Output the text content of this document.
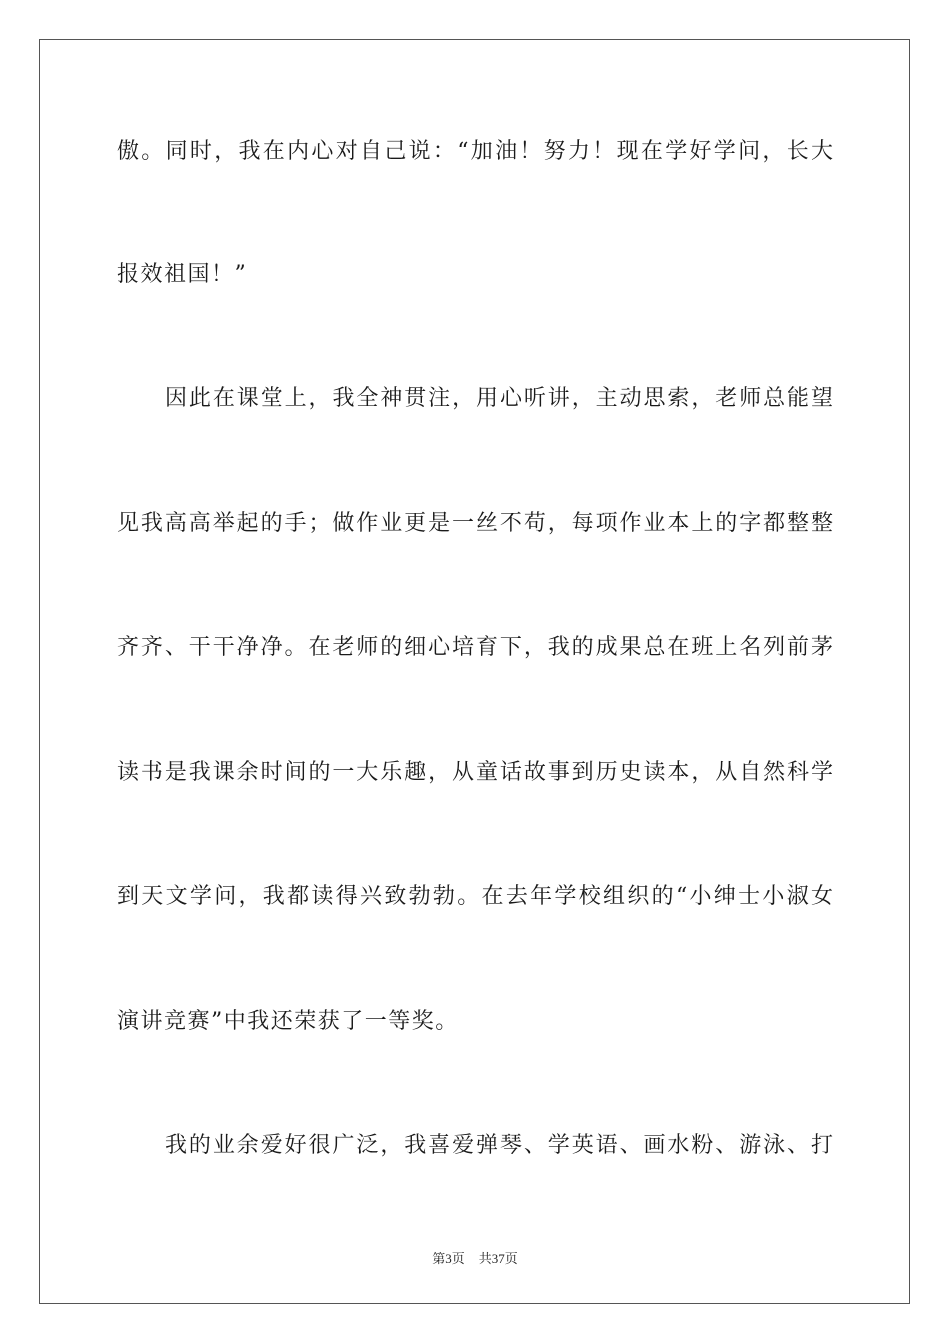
傲。同时，我在内心对自己说：“加油！努力！现在学好学问，长大
报效祖国！”
因此在课堂上，我全神贯注，用心听讲，主动思索，老师总能望
见我高高举起的手；做作业更是一丝不苟，每项作业本上的字都整整
齐齐、干干净净。在老师的细心培育下，我的成果总在班上名列前茅
读书是我课余时间的一大乐趣，从童话故事到历史读本，从自然科学
到天文学问，我都读得兴致勃勃。在去年学校组织的“小绅士小淑女
演讲竞赛”中我还荣获了一等奖。
我的业余爱好很广泛，我喜爱弹琴、学英语、画水粉、游泳、打
第3页 共37页
